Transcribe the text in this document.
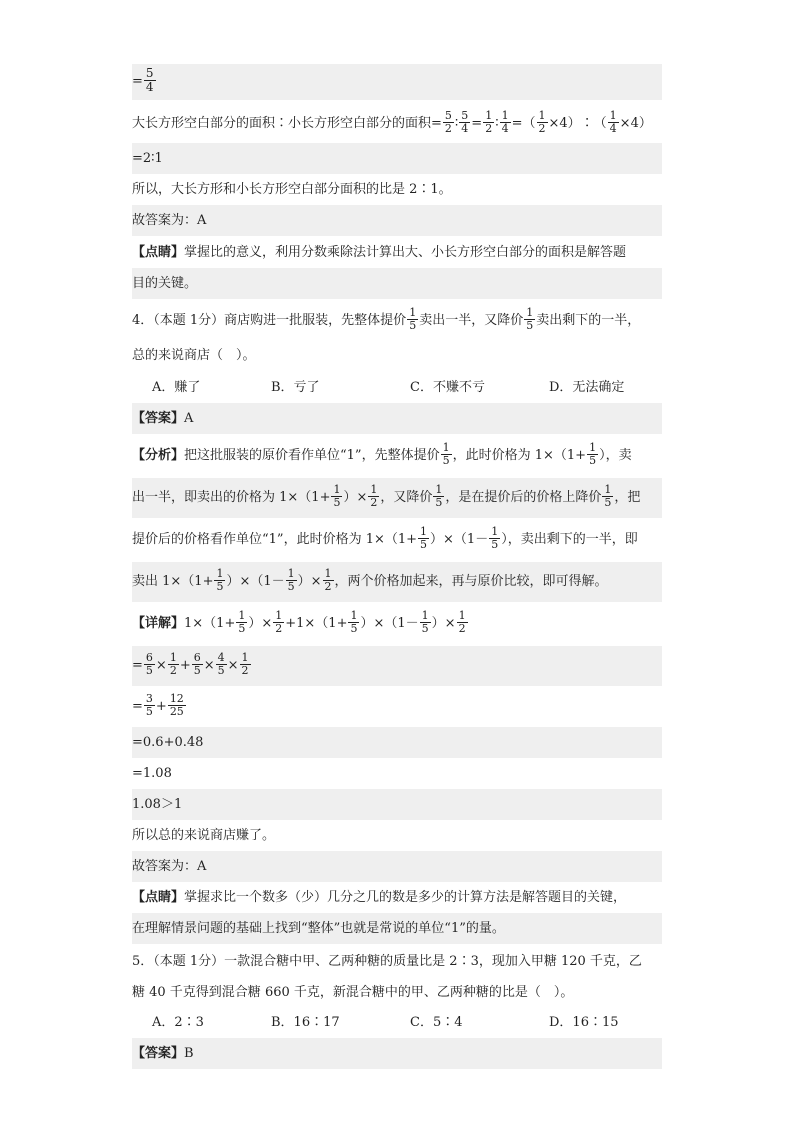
= $\frac{5}{4}$
大长方形空白部分的面积∶小长方形空白部分的面积= $\frac{5}{2}$ ∶ $\frac{5}{4} = \frac{1}{2}$ ∶ $\frac{1}{4}$ =（ $\frac{1}{2}$ ×4）∶（ $\frac{1}{4} \times 4$）
=2∶1
所以，大长方形和小长方形空白部分面积的比是 2∶1。
故答案为：A
【点睛】掌握比的意义，利用分数乘除法计算出大、小长方形空白部分的面积是解答题
目的关键。
4．（本题 1分）商店购进一批服装，先整体提价 $\frac{1}{5}$ 卖出一半，又降价 $\frac{1}{5}$ 卖出剩下的一半，
总的来说商店（　）。
A．赚了	B．亏了	C．不赚不亏	D．无法确定
【答案】A
【分析】把这批服装的原价看作单位“1”，先整体提价 $\frac{1}{5}$ ，此时价格为 $1\times(1+ \frac{1}{5}$ ），卖
出一半，即卖出的价格为 $1\times(1+ \frac{1}{5}$ ）× $\frac{1}{2}$ ，又降价 $\frac{1}{5}$ ，是在提价后的价格上降价 $\frac{1}{5}$ ，把
提价后的价格看作单位“1”，此时价格为 $1\times(1+ \frac{1}{5} )\times(1- \frac{1}{5}$ ），卖出剩下的一半，即
卖出 $1\times(1+ \frac{1}{5} )\times(1- \frac{1}{5}$ ）× $\frac{1}{2}$ ，两个价格加起来，再与原价比较，即可得解。
【详解】$1\times(1+ \frac{1}{5}$ ）× $\frac{1}{2} +1\times(1+ \frac{1}{5} )\times(1- \frac{1}{5}$ ）× $\frac{1}{2}$
= $\frac{6}{5} \times \frac{1}{2} + \frac{6}{5} \times \frac{4}{5} \times \frac{1}{2}$
= $\frac{3}{5} + \frac{12}{25}$
=0.6+0.48
=1.08
1.08＞1
所以总的来说商店赚了。
故答案为：A
【点睛】掌握求比一个数多（少）几分之几的数是多少的计算方法是解答题目的关键，
在理解情景问题的基础上找到“整体”也就是常说的单位“1”的量。
5．（本题 1分）一款混合糖中甲、乙两种糖的质量比是 2∶3，现加入甲糖 120 千克，乙
糖 40 千克得到混合糖 660 千克，新混合糖中的甲、乙两种糖的比是（　）。
A．2∶3	B．16∶17	C．5∶4	D．16∶15
【答案】B
